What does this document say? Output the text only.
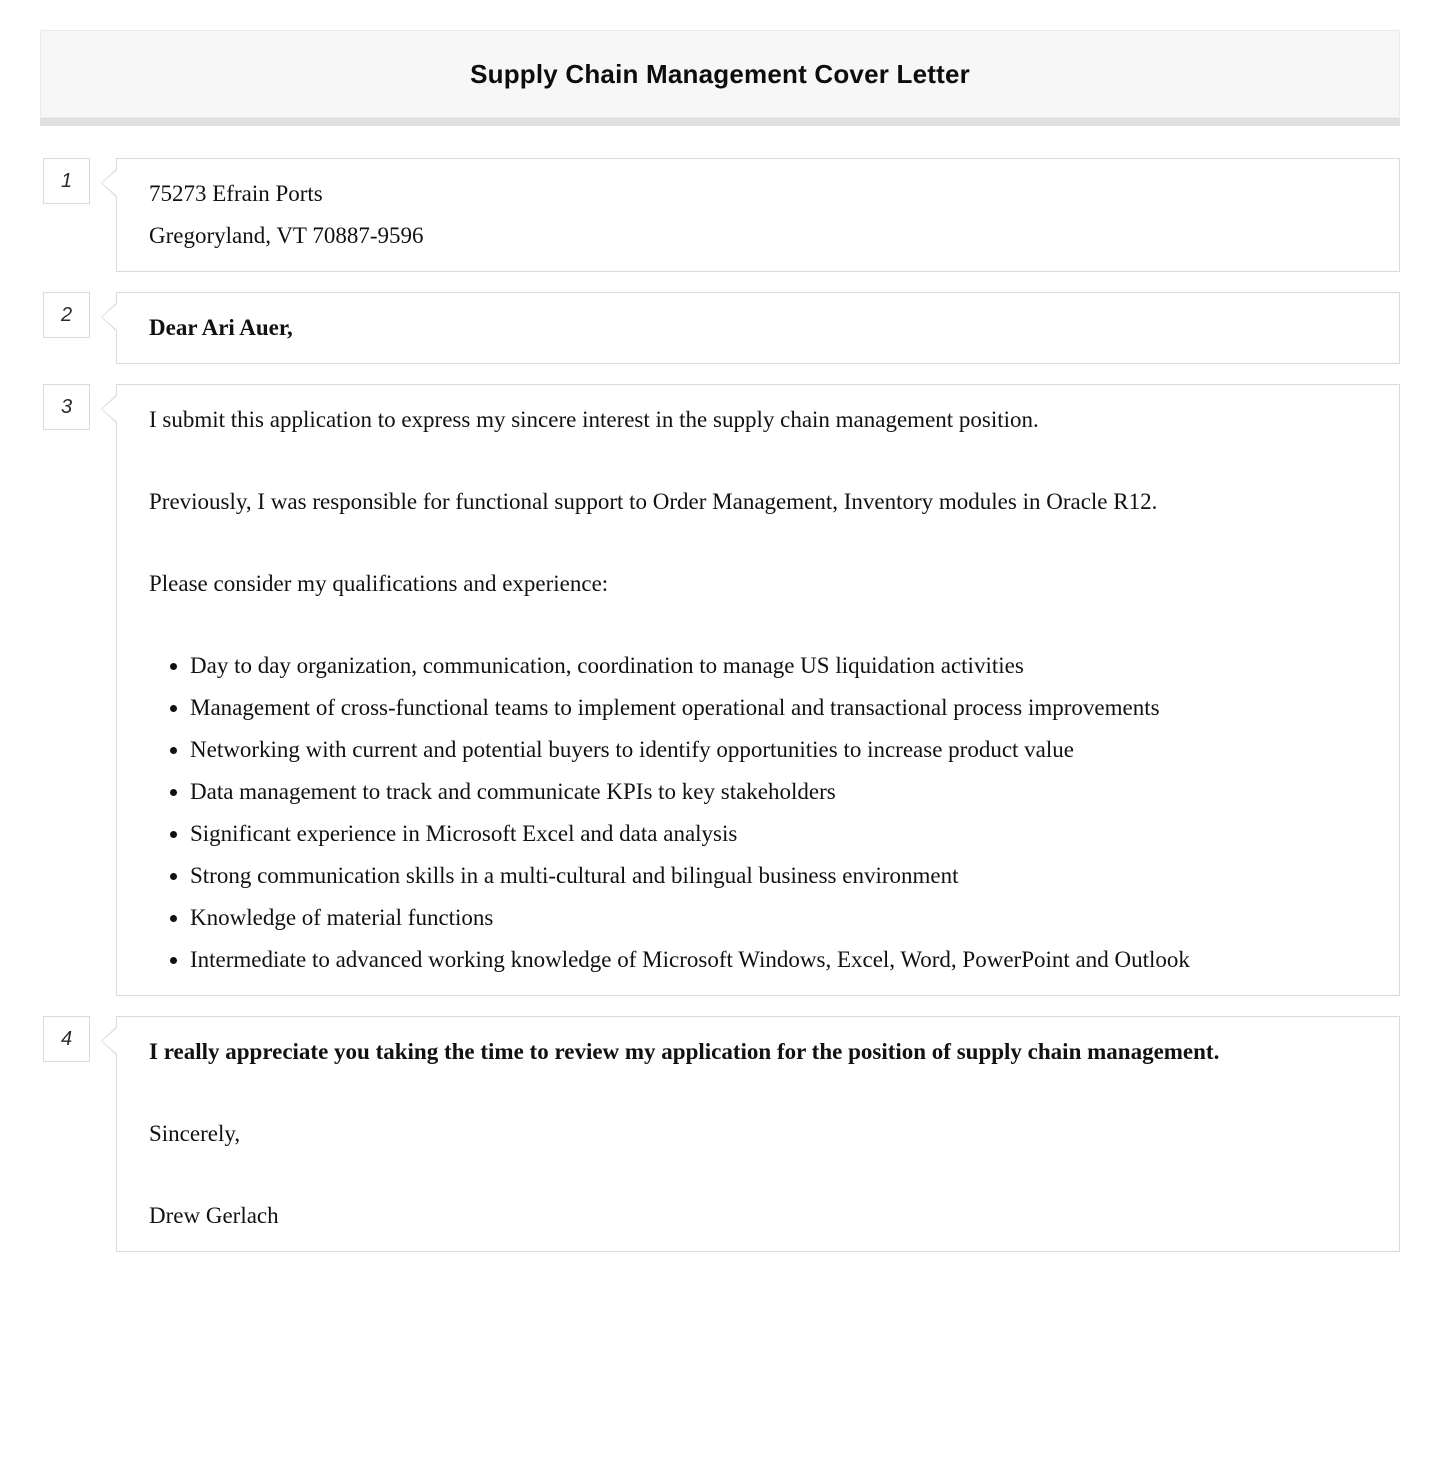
Supply Chain Management Cover Letter
1

75273 Efrain Ports
Gregoryland, VT 70887-9596

2

Dear Ari Auer,

3

I submit this application to express my sincere interest in the supply chain management position.

Previously, I was responsible for functional support to Order Management, Inventory modules in Oracle R12.

Please consider my qualifications and experience:

• Day to day organization, communication, coordination to manage US liquidation activities
• Management of cross-functional teams to implement operational and transactional process improvements
• Networking with current and potential buyers to identify opportunities to increase product value
• Data management to track and communicate KPIs to key stakeholders
• Significant experience in Microsoft Excel and data analysis
• Strong communication skills in a multi-cultural and bilingual business environment
• Knowledge of material functions
• Intermediate to advanced working knowledge of Microsoft Windows, Excel, Word, PowerPoint and Outlook
4

I really appreciate you taking the time to review my application for the position of supply chain management.

Sincerely,

Drew Gerlach
